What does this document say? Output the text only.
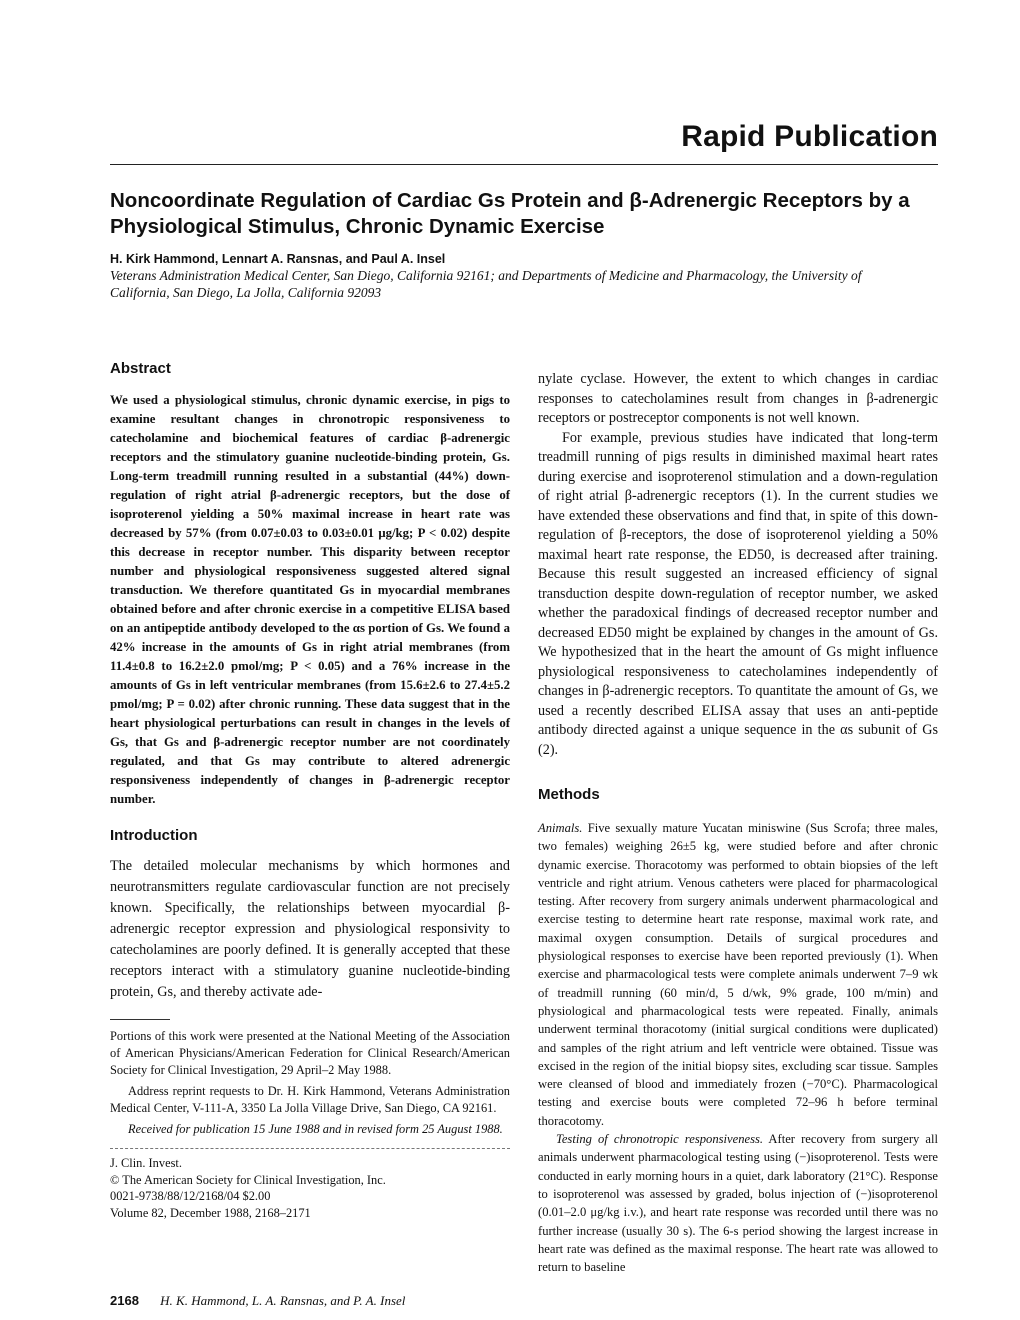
Rapid Publication
Noncoordinate Regulation of Cardiac Gs Protein and β-Adrenergic Receptors by a Physiological Stimulus, Chronic Dynamic Exercise
H. Kirk Hammond, Lennart A. Ransnas, and Paul A. Insel
Veterans Administration Medical Center, San Diego, California 92161; and Departments of Medicine and Pharmacology, the University of California, San Diego, La Jolla, California 92093
Abstract
We used a physiological stimulus, chronic dynamic exercise, in pigs to examine resultant changes in chronotropic responsiveness to catecholamine and biochemical features of cardiac β-adrenergic receptors and the stimulatory guanine nucleotide-binding protein, Gs. Long-term treadmill running resulted in a substantial (44%) down-regulation of right atrial β-adrenergic receptors, but the dose of isoproterenol yielding a 50% maximal increase in heart rate was decreased by 57% (from 0.07±0.03 to 0.03±0.01 μg/kg; P < 0.02) despite this decrease in receptor number. This disparity between receptor number and physiological responsiveness suggested altered signal transduction. We therefore quantitated Gs in myocardial membranes obtained before and after chronic exercise in a competitive ELISA based on an antipeptide antibody developed to the αs portion of Gs. We found a 42% increase in the amounts of Gs in right atrial membranes (from 11.4±0.8 to 16.2±2.0 pmol/mg; P < 0.05) and a 76% increase in the amounts of Gs in left ventricular membranes (from 15.6±2.6 to 27.4±5.2 pmol/mg; P = 0.02) after chronic running. These data suggest that in the heart physiological perturbations can result in changes in the levels of Gs, that Gs and β-adrenergic receptor number are not coordinately regulated, and that Gs may contribute to altered adrenergic responsiveness independently of changes in β-adrenergic receptor number.
Introduction
The detailed molecular mechanisms by which hormones and neurotransmitters regulate cardiovascular function are not precisely known. Specifically, the relationships between myocardial β-adrenergic receptor expression and physiological responsivity to catecholamines are poorly defined. It is generally accepted that these receptors interact with a stimulatory guanine nucleotide-binding protein, Gs, and thereby activate ade-

Portions of this work were presented at the National Meeting of the Association of American Physicians/American Federation for Clinical Research/American Society for Clinical Investigation, 29 April–2 May 1988.

Address reprint requests to Dr. H. Kirk Hammond, Veterans Administration Medical Center, V-111-A, 3350 La Jolla Village Drive, San Diego, CA 92161.

Received for publication 15 June 1988 and in revised form 25 August 1988.

J. Clin. Invest.
© The American Society for Clinical Investigation, Inc.
0021-9738/88/12/2168/04 $2.00
Volume 82, December 1988, 2168–2171

nylate cyclase. However, the extent to which changes in cardiac responses to catecholamines result from changes in β-adrenergic receptors or postreceptor components is not well known.

For example, previous studies have indicated that long-term treadmill running of pigs results in diminished maximal heart rates during exercise and isoproterenol stimulation and a down-regulation of right atrial β-adrenergic receptors (1). In the current studies we have extended these observations and find that, in spite of this down-regulation of β-receptors, the dose of isoproterenol yielding a 50% maximal heart rate response, the ED50, is decreased after training. Because this result suggested an increased efficiency of signal transduction despite down-regulation of receptor number, we asked whether the paradoxical findings of decreased receptor number and decreased ED50 might be explained by changes in the amount of Gs. We hypothesized that in the heart the amount of Gs might influence physiological responsiveness to catecholamines independently of changes in β-adrenergic receptors. To quantitate the amount of Gs, we used a recently described ELISA assay that uses an anti-peptide antibody directed against a unique sequence in the αs subunit of Gs (2).

Methods

Animals. Five sexually mature Yucatan miniswine (Sus Scrofa; three males, two females) weighing 26±5 kg, were studied before and after chronic dynamic exercise. Thoracotomy was performed to obtain biopsies of the left ventricle and right atrium. Venous catheters were placed for pharmacological testing. After recovery from surgery animals underwent pharmacological and exercise testing to determine heart rate response, maximal work rate, and maximal oxygen consumption. Details of surgical procedures and physiological responses to exercise have been reported previously (1). When exercise and pharmacological tests were complete animals underwent 7–9 wk of treadmill running (60 min/d, 5 d/wk, 9% grade, 100 m/min) and physiological and pharmacological tests were repeated. Finally, animals underwent terminal thoracotomy (initial surgical conditions were duplicated) and samples of the right atrium and left ventricle were obtained. Tissue was excised in the region of the initial biopsy sites, excluding scar tissue. Samples were cleansed of blood and immediately frozen (−70°C). Pharmacological testing and exercise bouts were completed 72–96 h before terminal thoracotomy.

Testing of chronotropic responsiveness. After recovery from surgery all animals underwent pharmacological testing using (−)isoproterenol. Tests were conducted in early morning hours in a quiet, dark laboratory (21°C). Response to isoproterenol was assessed by graded, bolus injection of (−)isoproterenol (0.01–2.0 μg/kg i.v.), and heart rate response was recorded until there was no further increase (usually 30 s). The 6-s period showing the largest increase in heart rate was defined as the maximal response. The heart rate was allowed to return to baseline

2168 H. K. Hammond, L. A. Ransnas, and P. A. Insel
